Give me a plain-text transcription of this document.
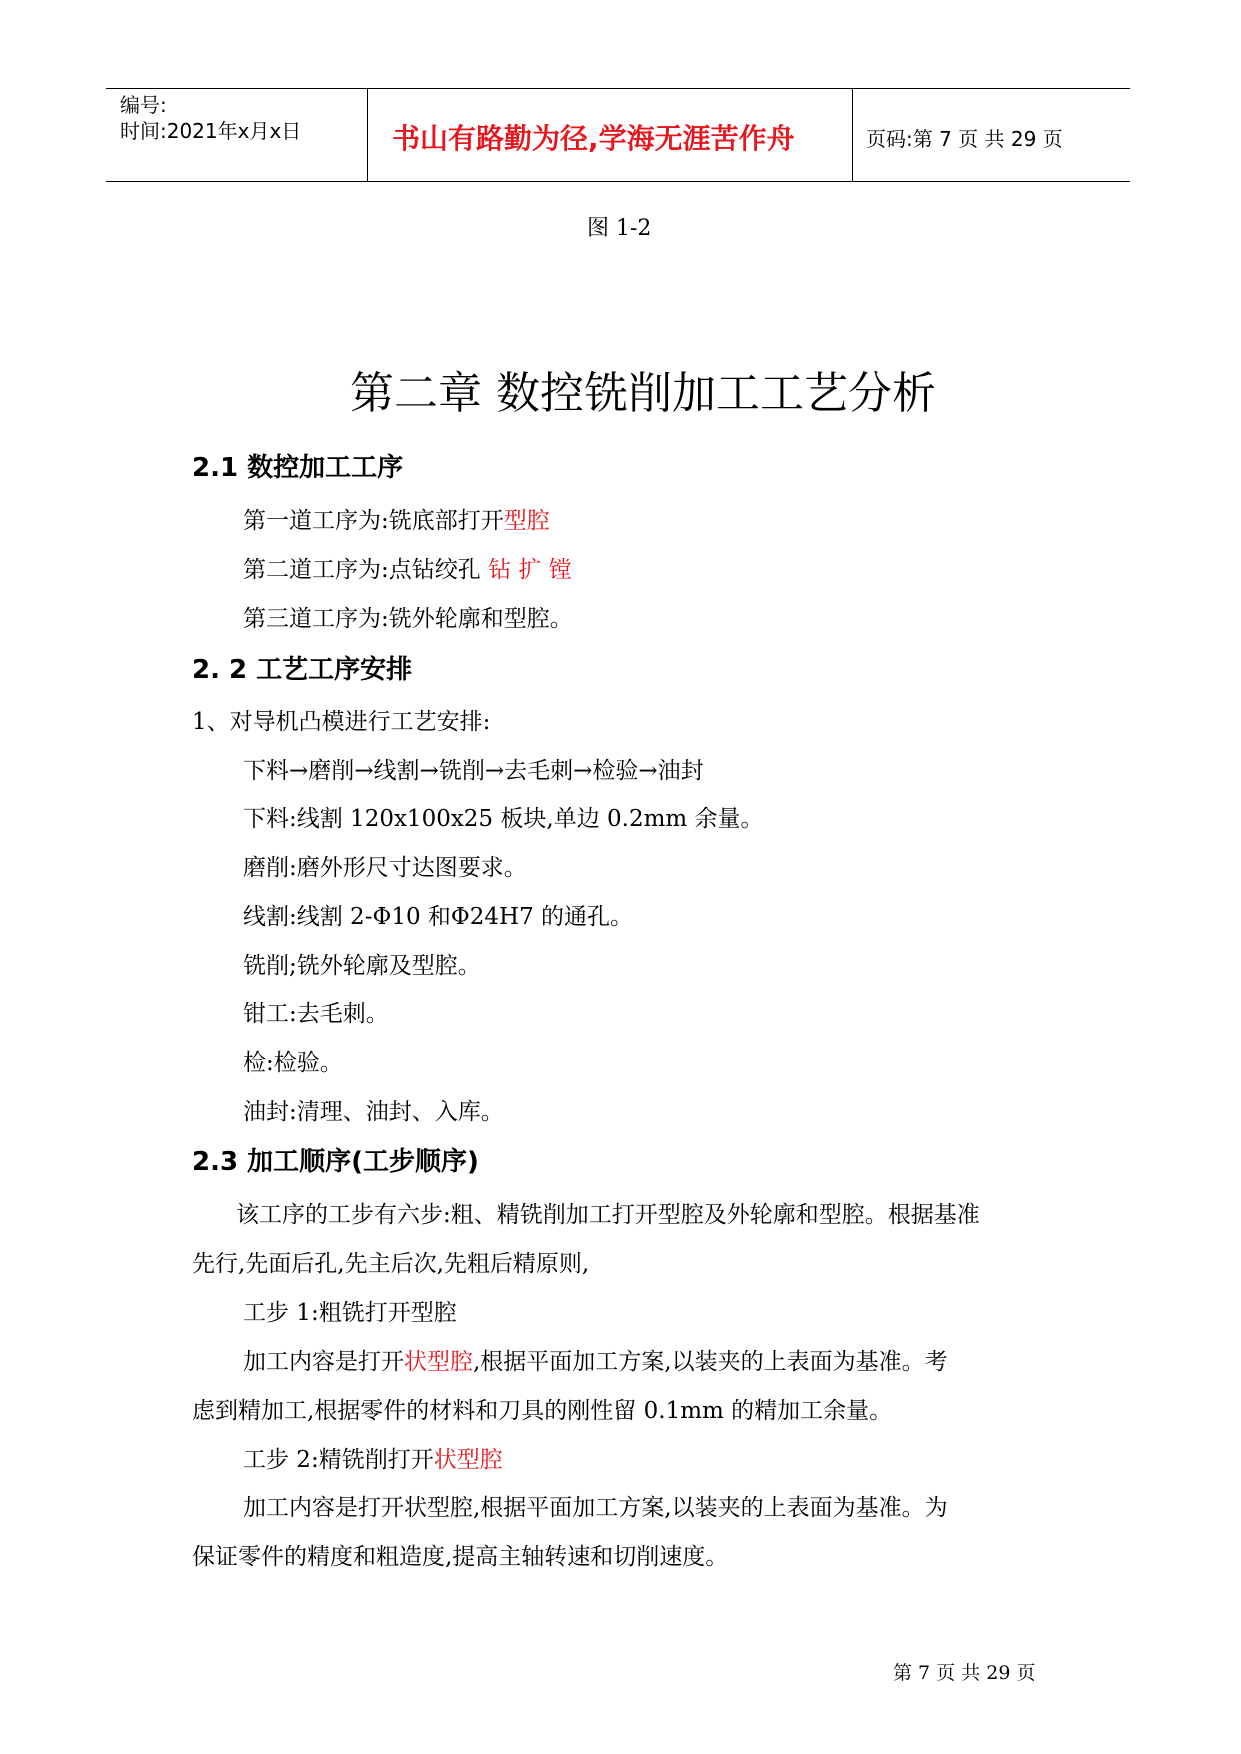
编号:
时间:2021年x月x日	书山有路勤为径,学海无涯苦作舟	页码:第 7 页 共 29 页
图 1-2
第二章 数控铣削加工工艺分析
2.1 数控加工工序
第一道工序为:铣底部打开型腔
第二道工序为:点钻绞孔 钻 扩 镗
第三道工序为:铣外轮廓和型腔。
2. 2 工艺工序安排
1、对导机凸模进行工艺安排:
下料→磨削→线割→铣削→去毛刺→检验→油封
下料:线割 120x100x25 板块,单边 0.2mm 余量。
磨削:磨外形尺寸达图要求。
线割:线割 2-Φ10 和Φ24H7 的通孔。
铣削;铣外轮廓及型腔。
钳工:去毛刺。
检:检验。
油封:清理、油封、入库。
2.3 加工顺序(工步顺序)
该工序的工步有六步:粗、精铣削加工打开型腔及外轮廓和型腔。根据基准
先行,先面后孔,先主后次,先粗后精原则,
工步 1:粗铣打开型腔
加工内容是打开状型腔,根据平面加工方案,以装夹的上表面为基准。考
虑到精加工,根据零件的材料和刀具的刚性留 0.1mm 的精加工余量。
工步 2:精铣削打开状型腔
加工内容是打开状型腔,根据平面加工方案,以装夹的上表面为基准。为
保证零件的精度和粗造度,提高主轴转速和切削速度。
第 7 页 共 29 页
